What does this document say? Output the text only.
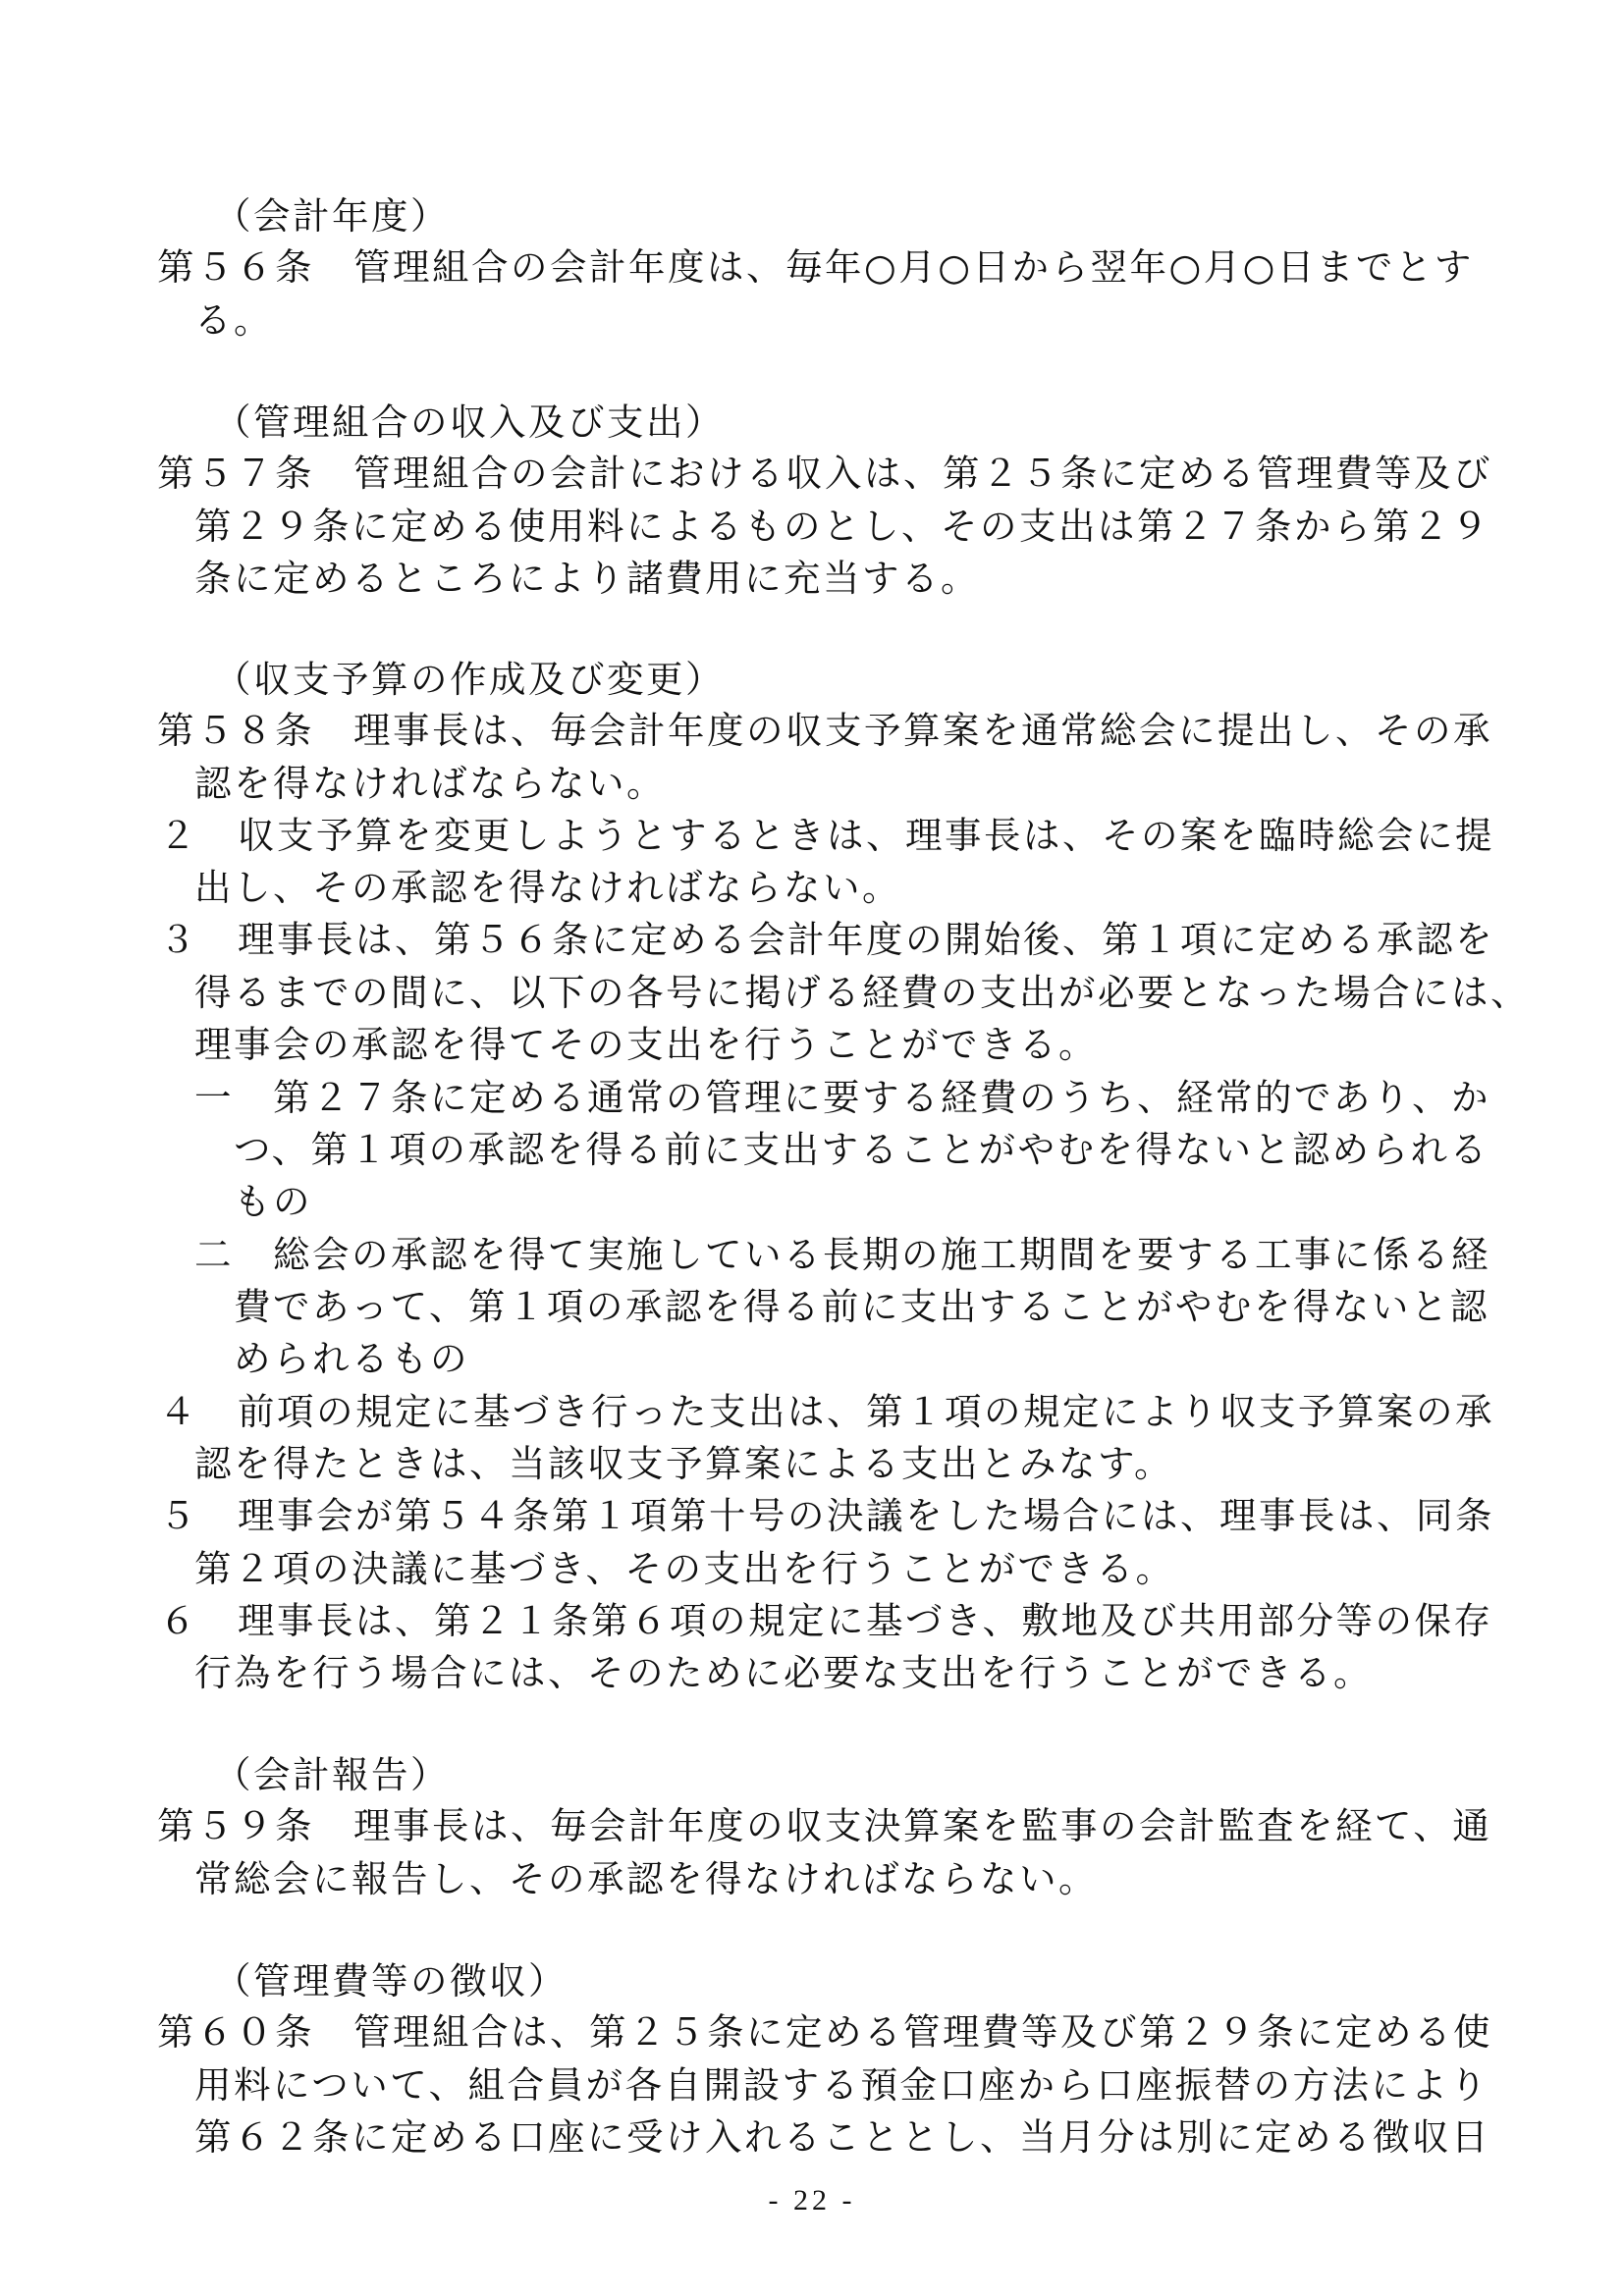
（会計年度）
第５６条　管理組合の会計年度は、毎年○月○日から翌年○月○日までとす
る。
（管理組合の収入及び支出）
第５７条　管理組合の会計における収入は、第２５条に定める管理費等及び
第２９条に定める使用料によるものとし、その支出は第２７条から第２９
条に定めるところにより諸費用に充当する。
（収支予算の作成及び変更）
第５８条　理事長は、毎会計年度の収支予算案を通常総会に提出し、その承
認を得なければならない。
２　収支予算を変更しようとするときは、理事長は、その案を臨時総会に提
出し、その承認を得なければならない。
３　理事長は、第５６条に定める会計年度の開始後、第１項に定める承認を
得るまでの間に、以下の各号に掲げる経費の支出が必要となった場合には、
理事会の承認を得てその支出を行うことができる。
一　第２７条に定める通常の管理に要する経費のうち、経常的であり、か
つ、第１項の承認を得る前に支出することがやむを得ないと認められる
もの
二　総会の承認を得て実施している長期の施工期間を要する工事に係る経
費であって、第１項の承認を得る前に支出することがやむを得ないと認
められるもの
４　前項の規定に基づき行った支出は、第１項の規定により収支予算案の承
認を得たときは、当該収支予算案による支出とみなす。
５　理事会が第５４条第１項第十号の決議をした場合には、理事長は、同条
第２項の決議に基づき、その支出を行うことができる。
６　理事長は、第２１条第６項の規定に基づき、敷地及び共用部分等の保存
行為を行う場合には、そのために必要な支出を行うことができる。
（会計報告）
第５９条　理事長は、毎会計年度の収支決算案を監事の会計監査を経て、通
常総会に報告し、その承認を得なければならない。
（管理費等の徴収）
第６０条　管理組合は、第２５条に定める管理費等及び第２９条に定める使
用料について、組合員が各自開設する預金口座から口座振替の方法により
第６２条に定める口座に受け入れることとし、当月分は別に定める徴収日
- 22 -
